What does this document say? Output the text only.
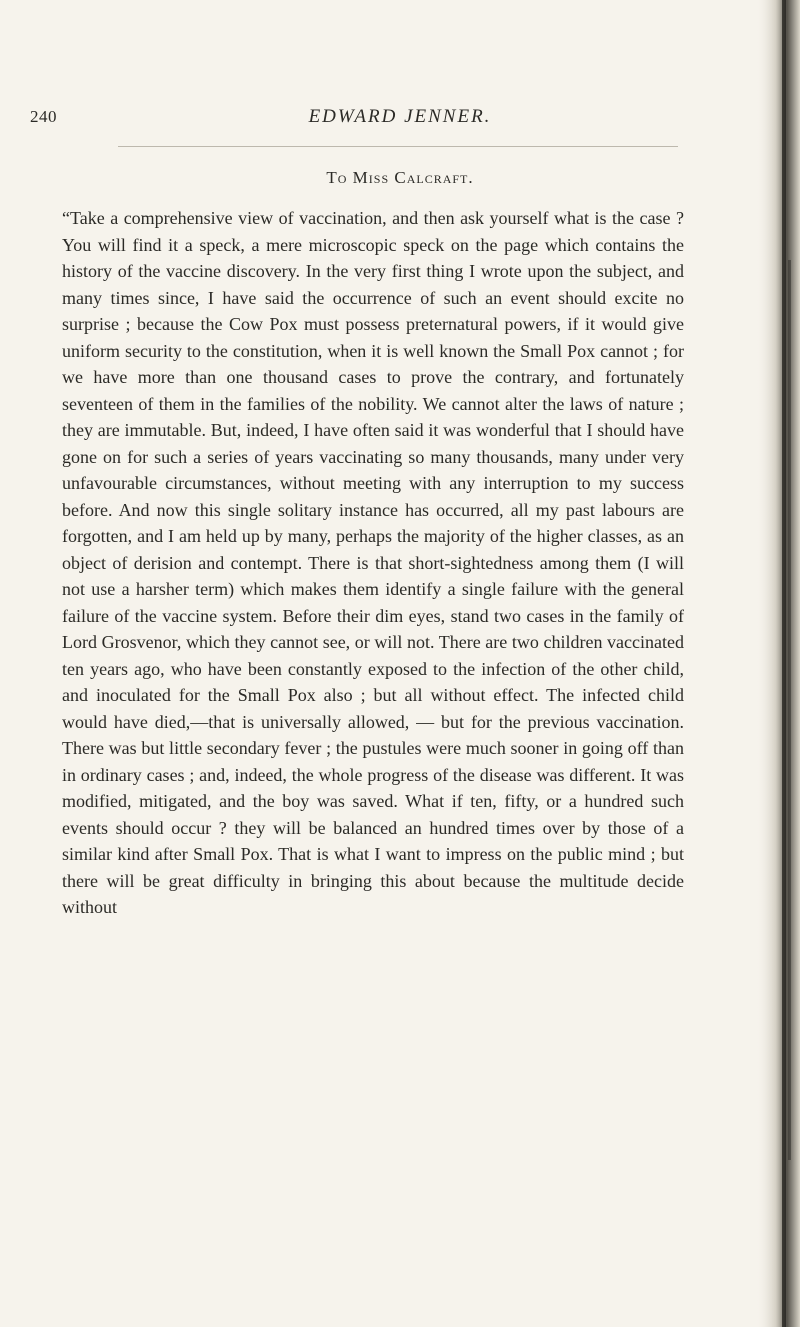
240	EDWARD JENNER.
To Miss Calcraft.

“Take a comprehensive view of vaccination, and then ask yourself what is the case ? You will find it a speck, a mere microscopic speck on the page which contains the history of the vaccine discovery. In the very first thing I wrote upon the subject, and many times since, I have said the occurrence of such an event should excite no surprise ; because the Cow Pox must possess preternatural powers, if it would give uniform security to the constitution, when it is well known the Small Pox cannot ; for we have more than one thousand cases to prove the contrary, and fortunately seventeen of them in the families of the nobility. We cannot alter the laws of nature ; they are immutable. But, indeed, I have often said it was wonderful that I should have gone on for such a series of years vaccinating so many thousands, many under very unfavourable circumstances, without meeting with any interruption to my success before. And now this single solitary instance has occurred, all my past labours are forgotten, and I am held up by many, perhaps the majority of the higher classes, as an object of derision and contempt. There is that short-sightedness among them (I will not use a harsher term) which makes them identify a single failure with the general failure of the vaccine system. Before their dim eyes, stand two cases in the family of Lord Grosvenor, which they cannot see, or will not. There are two children vaccinated ten years ago, who have been constantly exposed to the infection of the other child, and inoculated for the Small Pox also ; but all without effect. The infected child would have died,—that is universally allowed, — but for the previous vaccination. There was but little secondary fever ; the pustules were much sooner in going off than in ordinary cases ; and, indeed, the whole progress of the disease was different. It was modified, mitigated, and the boy was saved. What if ten, fifty, or a hundred such events should occur ? they will be balanced an hundred times over by those of a similar kind after Small Pox. That is what I want to impress on the public mind ; but there will be great difficulty in bringing this about because the multitude decide without
